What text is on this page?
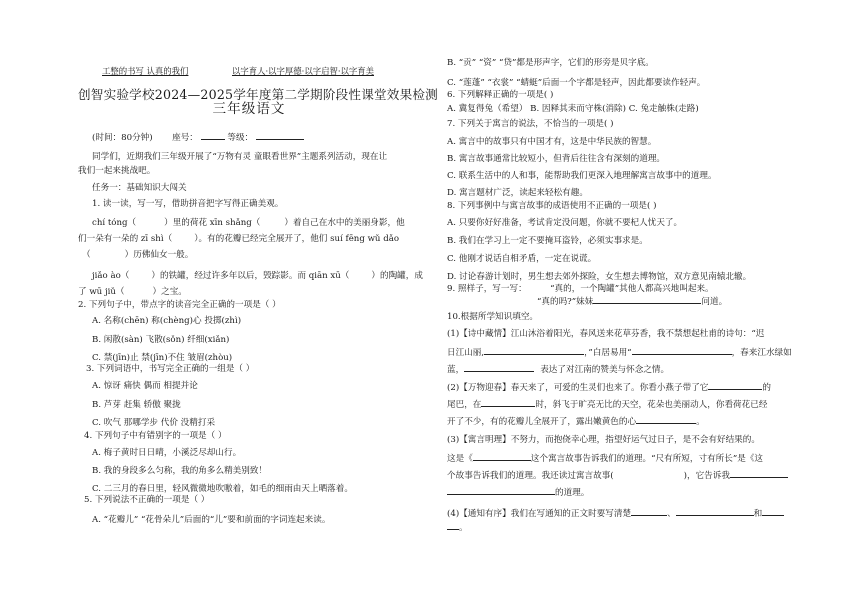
工整的书写 认真的我们	以字育人·以字厚德·以字启智·以字育美
创智实验学校2024—2025学年度第二学期阶段性课堂效果检测
三年级语文
(时间：80分钟) 座号：	等级：
同学们，近期我们三年级开展了“万物有灵 童眼看世界”主题系列活动，现在让
我们一起来挑战吧。
任务一：基础知识大闯关
1. 读一读，写一写，借助拼音把字写得正确美观。
chí tóng（	）里的荷花 xīn shǎng（	）着自己在水中的美丽身影，他
们一朵有一朵的 zī shì（	）。有的花瓣已经完全展开了，他们 suí fēng wǔ dǎo
（	）历佛仙女一般。
jiǎo ào（	）的铁罐，经过许多年以后，毁踪影。而 qiān xū（	）的陶罐，成
了 wū jiǔ（	）之宝。
2. 下列句子中，带点字的读音完全正确的一项是（ ）
A. 名称(chēn) 称(chèng)心 投掷(zhì)
B. 闲散(sàn) 飞散(sǒn) 纤细(xiǎn)
C. 禁(jīn)止 禁(jīn)不住 皱眉(zhòu)
3. 下列词语中，书写完全正确的一组是（ ）
A. 惊讶 痛快 偶而 相提并论
B. 芦芽 赶集 轿傲 聚拢
C. 吹气 那哪学步 代价 没精打采
4. 下列句子中有错别字的一项是（ ）
A. 梅子黄时日日晴，小溪泛尽却山行。
B. 我的身段多么匀称，我的角多么精美别致！
C. 二三月的春日里，轻风微微地吹嗷着，如毛的细雨由天上晒落着。
5. 下列说法不正确的一项是（ ）
A. “花瓣儿” “花骨朵儿”后面的“儿”要和前面的字词连起来读。
B. “贡” “资” “贷”都是形声字，它们的形旁是贝字底。
C. “莲蓬” “衣裳” “蜻蜓”后面一个字都是轻声，因此都要读作轻声。
6. 下列解释正确的一项是( )
A. 冀复得兔（希望） B. 因释其耒而守株(消除) C. 兔走触株(走路)
7. 下列关于寓言的说法，不恰当的一项是( )
A. 寓言中的故事只有中国才有，这是中华民族的智慧。
B. 寓言故事通常比较短小，但背后往往含有深刻的道理。
C. 联系生活中的人和事，能帮助我们更深入地理解寓言故事中的道理。
D. 寓言题材广泛，读起来轻松有趣。
8. 下列事例中与寓言故事的成语使用不正确的一项是( )
A. 只要你好好准备，考试肯定没问题，你就不要杞人忧天了。
B. 我们在学习上一定不要掩耳盗铃，必须实事求是。
C. 他刚才说话自相矛盾，一定在说谎。
D. 讨论春游计划时，男生想去郊外探险，女生想去博物馆，双方意见南辕北辙。
9. 照样子，写一写：	“真的，一个陶罐”其他人都高兴地叫起来。
“真的吗?”妹妹	问道。
10.根据所学知识填空。
(1)【诗中藏情】江山沐浴着阳光，春风送来花草芬香，我不禁想起杜甫的诗句：“迟
日江山丽,	，”白居易用“	，春来江水绿如
蓝，	表达了对江南的赞美与怀念之情。
(2)【万物迎春】春天来了，可爱的生灵们也来了。你看小燕子带了它	的
尾巴，在	时，斜飞于旷亮无比的天空，花朵也美丽动人，你看荷花已经
开了不少，有的花瓣儿全展开了，露出嫩黄色的心	。
(3)【寓言明理】不努力，而抱侥幸心理，指望好运气过日子，是不会有好结果的。
这是《	这个寓言故事告诉我们的道理。“尺有所短，寸有所长”是《这
个故事告诉我们的道理。我还读过寓言故事(	)，它告诉我
的道理。
(4)【通知有序】我们在写通知的正文时要写清楚	、	和
。
